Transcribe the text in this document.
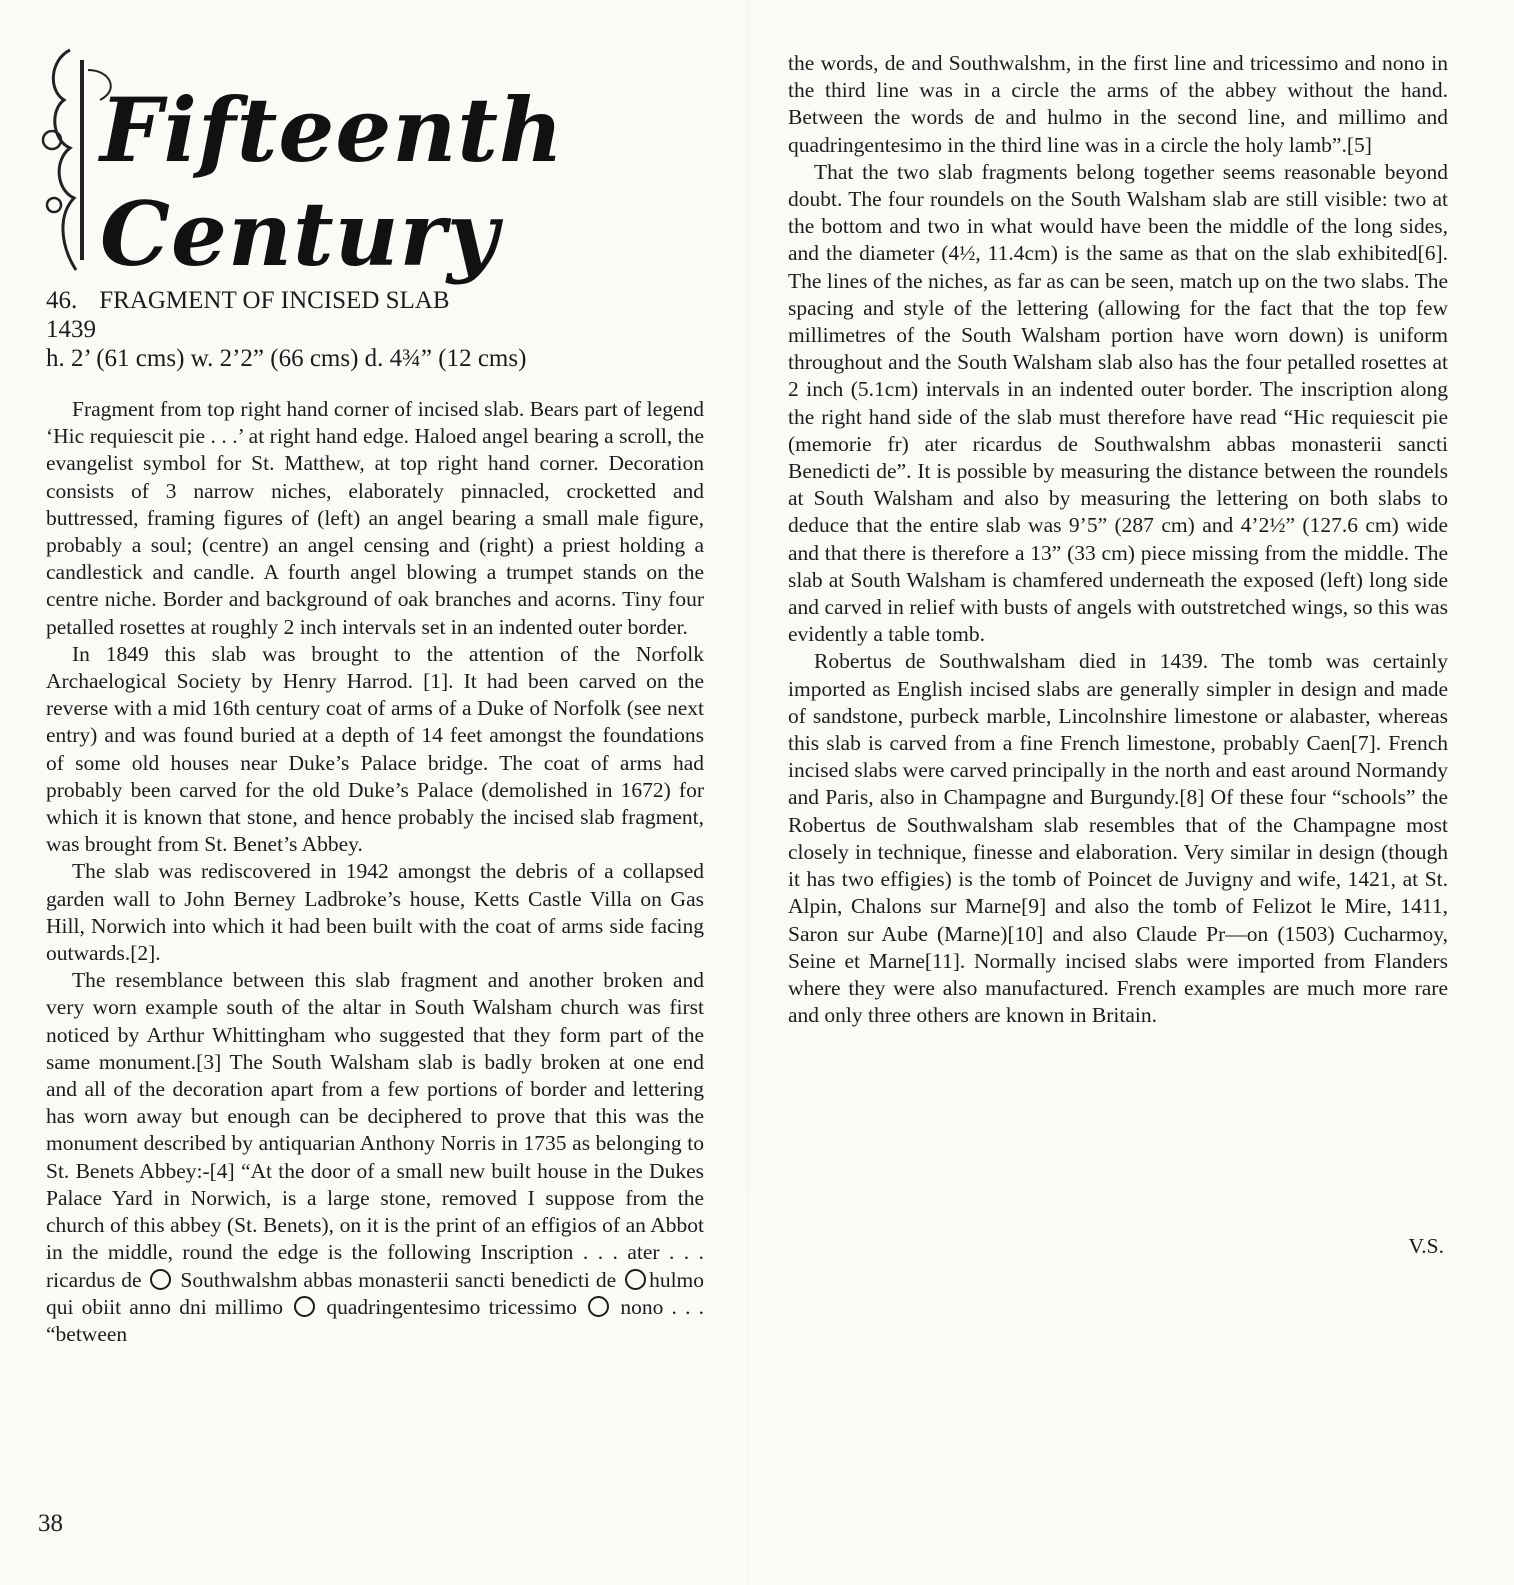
Fifteenth Century
46. FRAGMENT OF INCISED SLAB
1439
h. 2’ (61 cms) w. 2’2” (66 cms) d. 4¾” (12 cms)

Fragment from top right hand corner of incised slab. Bears part of legend ‘Hic requiescit pie . . .’ at right hand edge. Haloed angel bearing a scroll, the evangelist symbol for St. Matthew, at top right hand corner. Decoration consists of 3 narrow niches, elaborately pinnacled, crocketted and buttressed, framing figures of (left) an angel bearing a small male figure, probably a soul; (centre) an angel censing and (right) a priest holding a candlestick and candle. A fourth angel blowing a trumpet stands on the centre niche. Border and background of oak branches and acorns. Tiny four petalled rosettes at roughly 2 inch intervals set in an indented outer border.

In 1849 this slab was brought to the attention of the Norfolk Archaelogical Society by Henry Harrod. [1]. It had been carved on the reverse with a mid 16th century coat of arms of a Duke of Norfolk (see next entry) and was found buried at a depth of 14 feet amongst the foundations of some old houses near Duke’s Palace bridge. The coat of arms had probably been carved for the old Duke’s Palace (demolished in 1672) for which it is known that stone, and hence probably the incised slab fragment, was brought from St. Benet’s Abbey.

The slab was rediscovered in 1942 amongst the debris of a collapsed garden wall to John Berney Ladbroke’s house, Ketts Castle Villa on Gas Hill, Norwich into which it had been built with the coat of arms side facing outwards.[2].

The resemblance between this slab fragment and another broken and very worn example south of the altar in South Walsham church was first noticed by Arthur Whittingham who suggested that they form part of the same monument.[3] The South Walsham slab is badly broken at one end and all of the decoration apart from a few portions of border and lettering has worn away but enough can be deciphered to prove that this was the monument described by antiquarian Anthony Norris in 1735 as belonging to St. Benets Abbey:-[4] “At the door of a small new built house in the Dukes Palace Yard in Norwich, is a large stone, removed I suppose from the church of this abbey (St. Benets), on it is the print of an effigios of an Abbot in the middle, round the edge is the following Inscription . . . ater . . . ricardus de Southwalshm abbas monasterii sancti benedicti de hulmo qui obiit anno dni millimo quadringentesimo tricessimo nono . . . “between

the words, de and Southwalshm, in the first line and tricessimo and nono in the third line was in a circle the arms of the abbey without the hand. Between the words de and hulmo in the second line, and millimo and quadringentesimo in the third line was in a circle the holy lamb”.[5]

That the two slab fragments belong together seems reasonable beyond doubt. The four roundels on the South Walsham slab are still visible: two at the bottom and two in what would have been the middle of the long sides, and the diameter (4½, 11.4cm) is the same as that on the slab exhibited[6]. The lines of the niches, as far as can be seen, match up on the two slabs. The spacing and style of the lettering (allowing for the fact that the top few millimetres of the South Walsham portion have worn down) is uniform throughout and the South Walsham slab also has the four petalled rosettes at 2 inch (5.1cm) intervals in an indented outer border. The inscription along the right hand side of the slab must therefore have read “Hic requiescit pie (memorie fr) ater ricardus de Southwalshm abbas monasterii sancti Benedicti de”. It is possible by measuring the distance between the roundels at South Walsham and also by measuring the lettering on both slabs to deduce that the entire slab was 9’5” (287 cm) and 4’2½” (127.6 cm) wide and that there is therefore a 13” (33 cm) piece missing from the middle. The slab at South Walsham is chamfered underneath the exposed (left) long side and carved in relief with busts of angels with outstretched wings, so this was evidently a table tomb.

Robertus de Southwalsham died in 1439. The tomb was certainly imported as English incised slabs are generally simpler in design and made of sandstone, purbeck marble, Lincolnshire limestone or alabaster, whereas this slab is carved from a fine French limestone, probably Caen[7]. French incised slabs were carved principally in the north and east around Normandy and Paris, also in Champagne and Burgundy.[8] Of these four “schools” the Robertus de Southwalsham slab resembles that of the Champagne most closely in technique, finesse and elaboration. Very similar in design (though it has two effigies) is the tomb of Poincet de Juvigny and wife, 1421, at St. Alpin, Chalons sur Marne[9] and also the tomb of Felizot le Mire, 1411, Saron sur Aube (Marne)[10] and also Claude Pr—on (1503) Cucharmoy, Seine et Marne[11]. Normally incised slabs were imported from Flanders where they were also manufactured. French examples are much more rare and only three others are known in Britain.

V.S.
38
